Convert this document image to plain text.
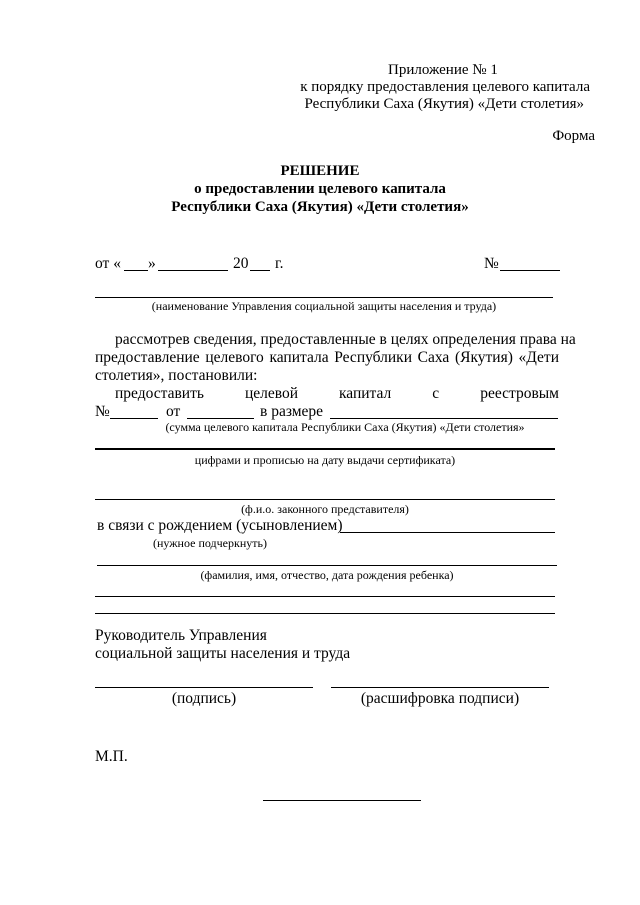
Приложение № 1
к порядку предоставления целевого капитала
Республики Саха (Якутия) «Дети столетия»
Форма
РЕШЕНИЕ
о предоставлении целевого капитала
Республики Саха (Якутия) «Дети столетия»
от « »	20 г.	№
(наименование Управления социальной защиты населения и труда)
рассмотрев сведения, предоставленные в целях определения права на
предоставление целевого капитала Республики Саха (Якутия) «Дети
столетия», постановили:
предоставить	целевой	капитал	с	реестровым
№	от	в размере
(сумма целевого капитала Республики Саха (Якутия) «Дети столетия»
цифрами и прописью на дату выдачи сертификата)
(ф.и.о. законного представителя)
в связи с рождением (усыновлением)
(нужное подчеркнуть)
(фамилия, имя, отчество, дата рождения ребенка)
Руководитель Управления
социальной защиты населения и труда
(подпись)	(расшифровка подписи)
М.П.
